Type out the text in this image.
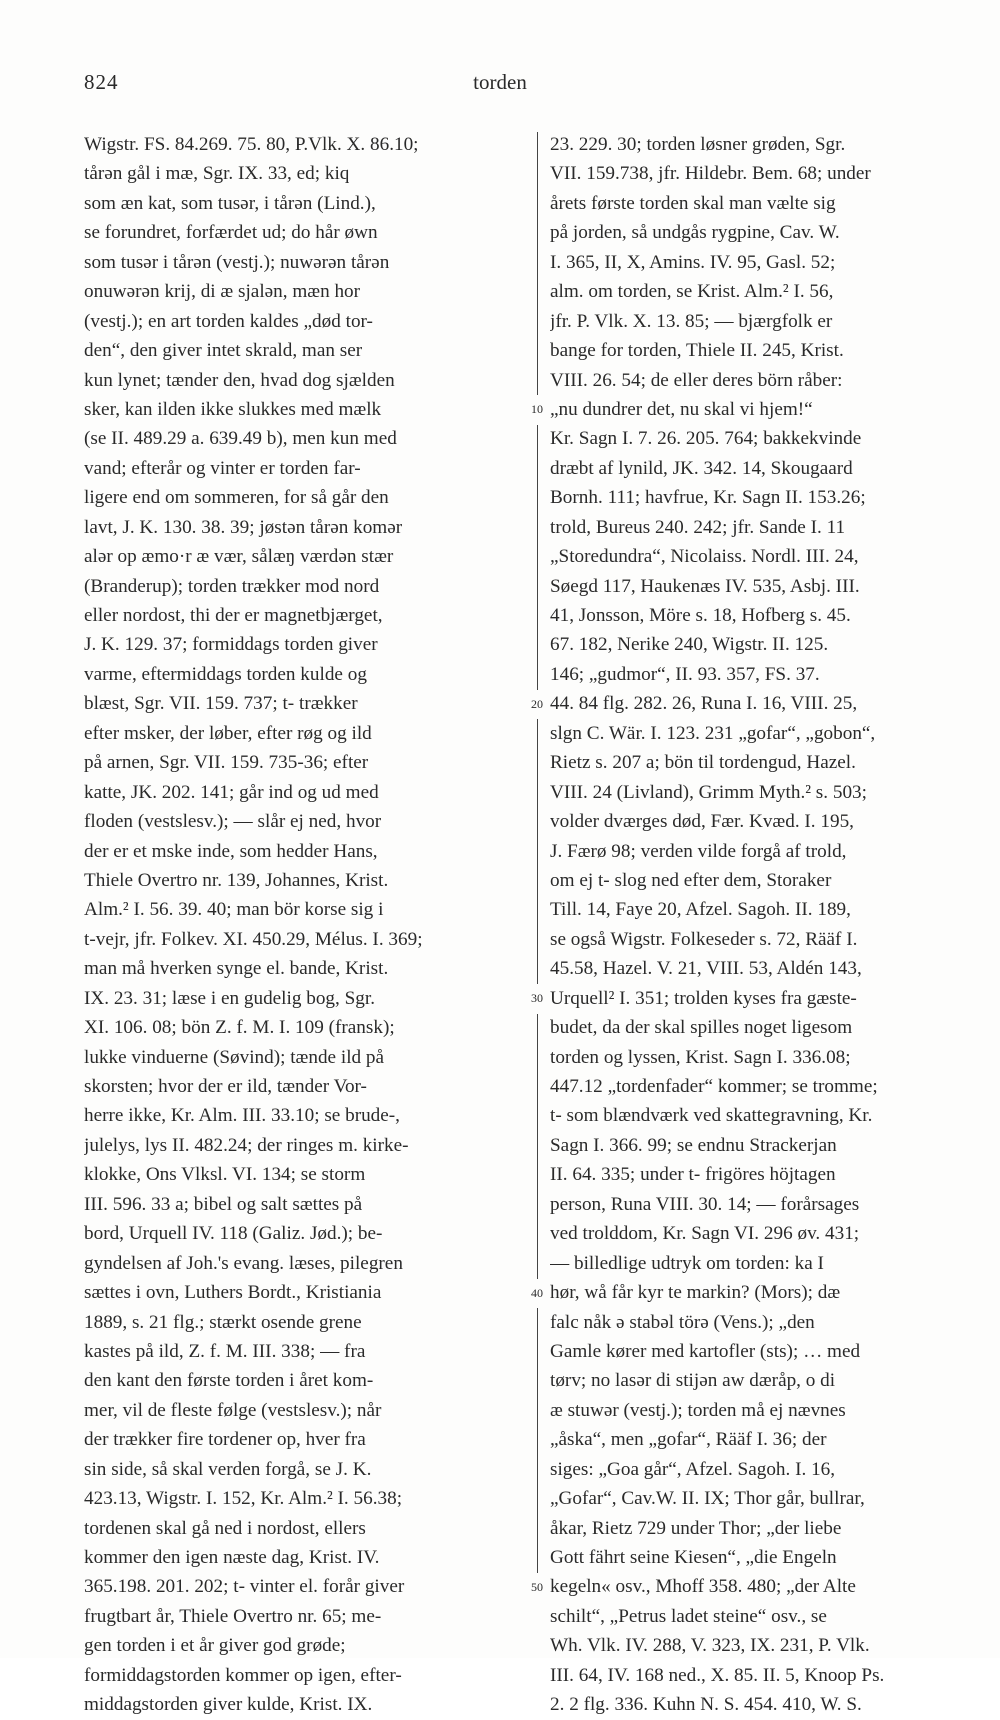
824	torden
Wigstr. FS. 84.269. 75. 80, P.Vlk. X. 86.10;
tårən gål i mæ, Sgr. IX. 33, ed; kiq
som æn kat, som tusər, i tårən (Lind.),
se forundret, forfærdet ud; do hår øwn
som tusər i tårən (vestj.); nuwərən tårən
onuwərən krij, di æ sjalən, mæn hor
(vestj.); en art torden kaldes „død tor-
den“, den giver intet skrald, man ser
kun lynet; tænder den, hvad dog sjælden
sker, kan ilden ikke slukkes med mælk
(se II. 489.29 a. 639.49 b), men kun med
vand; efterår og vinter er torden far-
ligere end om sommeren, for så går den
lavt, J. K. 130. 38. 39; jøstən tårən komər
alər op æmo·r æ vær, sålæŋ værdən stær
(Branderup); torden trækker mod nord
eller nordost, thi der er magnetbjærget,
J. K. 129. 37; formiddags torden giver
varme, eftermiddags torden kulde og
blæst, Sgr. VII. 159. 737; t- trækker
efter msker, der løber, efter røg og ild
på arnen, Sgr. VII. 159. 735-36; efter
katte, JK. 202. 141; går ind og ud med
floden (vestslesv.); — slår ej ned, hvor
der er et mske inde, som hedder Hans,
Thiele Overtro nr. 139, Johannes, Krist.
Alm.² I. 56. 39. 40; man bör korse sig i
t-vejr, jfr. Folkev. XI. 450.29, Mélus. I. 369;
man må hverken synge el. bande, Krist.
IX. 23. 31; læse i en gudelig bog, Sgr.
XI. 106. 08; bön Z. f. M. I. 109 (fransk);
lukke vinduerne (Søvind); tænde ild på
skorsten; hvor der er ild, tænder Vor-
herre ikke, Kr. Alm. III. 33.10; se brude-,
julelys, lys II. 482.24; der ringes m. kirke-
klokke, Ons Vlksl. VI. 134; se storm
III. 596. 33 a; bibel og salt sættes på
bord, Urquell IV. 118 (Galiz. Jød.); be-
gyndelsen af Joh.'s evang. læses, pilegren
sættes i ovn, Luthers Bordt., Kristiania
1889, s. 21 flg.; stærkt osende grene
kastes på ild, Z. f. M. III. 338; — fra
den kant den første torden i året kom-
mer, vil de fleste følge (vestslesv.); når
der trækker fire tordener op, hver fra
sin side, så skal verden forgå, se J. K.
423.13, Wigstr. I. 152, Kr. Alm.² I. 56.38;
tordenen skal gå ned i nordost, ellers
kommer den igen næste dag, Krist. IV.
365.198. 201. 202; t- vinter el. forår giver
frugtbart år, Thiele Overtro nr. 65; me-
gen torden i et år giver god grøde;
formiddagstorden kommer op igen, efter-
middagstorden giver kulde, Krist. IX.
10
20
30
40
50
23. 229. 30; torden løsner grøden, Sgr.
VII. 159.738, jfr. Hildebr. Bem. 68; under
årets første torden skal man vælte sig
på jorden, så undgås rygpine, Cav. W.
I. 365, II, X, Amins. IV. 95, Gasl. 52;
alm. om torden, se Krist. Alm.² I. 56,
jfr. P. Vlk. X. 13. 85; — bjærgfolk er
bange for torden, Thiele II. 245, Krist.
VIII. 26. 54; de eller deres börn råber:
„nu dundrer det, nu skal vi hjem!“
Kr. Sagn I. 7. 26. 205. 764; bakkekvinde
dræbt af lynild, JK. 342. 14, Skougaard
Bornh. 111; havfrue, Kr. Sagn II. 153.26;
trold, Bureus 240. 242; jfr. Sande I. 11
„Storedundra“, Nicolaiss. Nordl. III. 24,
Søegd 117, Haukenæs IV. 535, Asbj. III.
41, Jonsson, Möre s. 18, Hofberg s. 45.
67. 182, Nerike 240, Wigstr. II. 125.
146; „gudmor“, II. 93. 357, FS. 37.
44. 84 flg. 282. 26, Runa I. 16, VIII. 25,
slgn C. Wär. I. 123. 231 „gofar“, „gobon“,
Rietz s. 207 a; bön til tordengud, Hazel.
VIII. 24 (Livland), Grimm Myth.² s. 503;
volder dværges død, Fær. Kvæd. I. 195,
J. Færø 98; verden vilde forgå af trold,
om ej t- slog ned efter dem, Storaker
Till. 14, Faye 20, Afzel. Sagoh. II. 189,
se også Wigstr. Folkeseder s. 72, Rääf I.
45.58, Hazel. V. 21, VIII. 53, Aldén 143,
Urquell² I. 351; trolden kyses fra gæste-
budet, da der skal spilles noget ligesom
torden og lyssen, Krist. Sagn I. 336.08;
447.12 „tordenfader“ kommer; se tromme;
t- som blændværk ved skattegravning, Kr.
Sagn I. 366. 99; se endnu Strackerjan
II. 64. 335; under t- frigöres höjtagen
person, Runa VIII. 30. 14; — forårsages
ved trolddom, Kr. Sagn VI. 296 øv. 431;
— billedlige udtryk om torden: ka I
hør, wå får kyr te markin? (Mors); dæ
falc nåk ə stabəl törə (Vens.); „den
Gamle kører med kartofler (sts); … med
tørv; no lasər di stijən aw dæråp, o di
æ stuwər (vestj.); torden må ej nævnes
„åska“, men „gofar“, Rääf I. 36; der
siges: „Goa går“, Afzel. Sagoh. I. 16,
„Gofar“, Cav.W. II. IX; Thor går, bullrar,
åkar, Rietz 729 under Thor; „der liebe
Gott fährt seine Kiesen“, „die Engeln
kegeln« osv., Mhoff 358. 480; „der Alte
schilt“, „Petrus ladet steine“ osv., se
Wh. Vlk. IV. 288, V. 323, IX. 231, P. Vlk.
III. 64, IV. 168 ned., X. 85. II. 5, Knoop Ps.
2. 2 flg. 336. Kuhn N. S. 454. 410, W. S.
